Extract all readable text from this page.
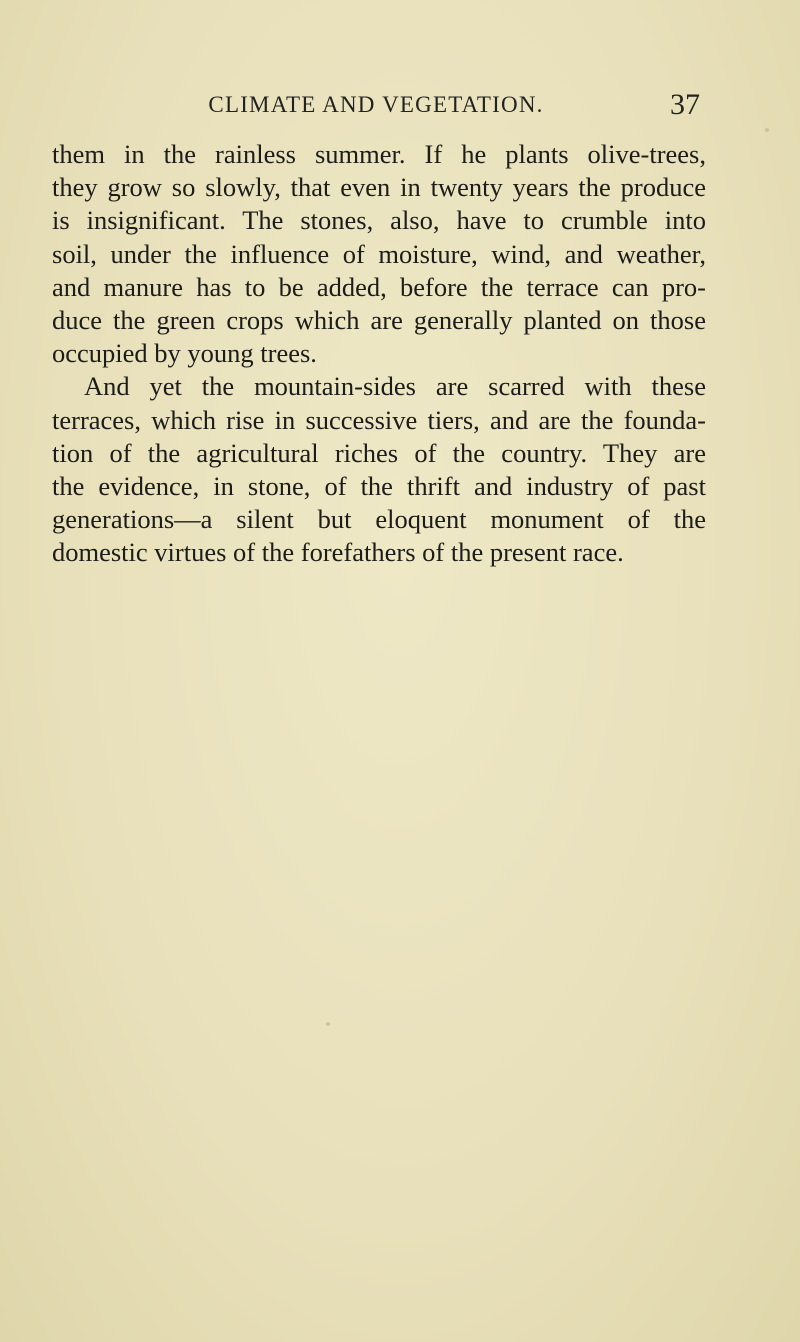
CLIMATE AND VEGETATION.	37

them in the rainless summer. If he plants olive-trees,
they grow so slowly, that even in twenty years the produce
is insignificant. The stones, also, have to crumble into
soil, under the influence of moisture, wind, and weather,
and manure has to be added, before the terrace can pro-
duce the green crops which are generally planted on those
occupied by young trees.

And yet the mountain-sides are scarred with these
terraces, which rise in successive tiers, and are the founda-
tion of the agricultural riches of the country. They are
the evidence, in stone, of the thrift and industry of past
generations—a silent but eloquent monument of the
domestic virtues of the forefathers of the present race.
